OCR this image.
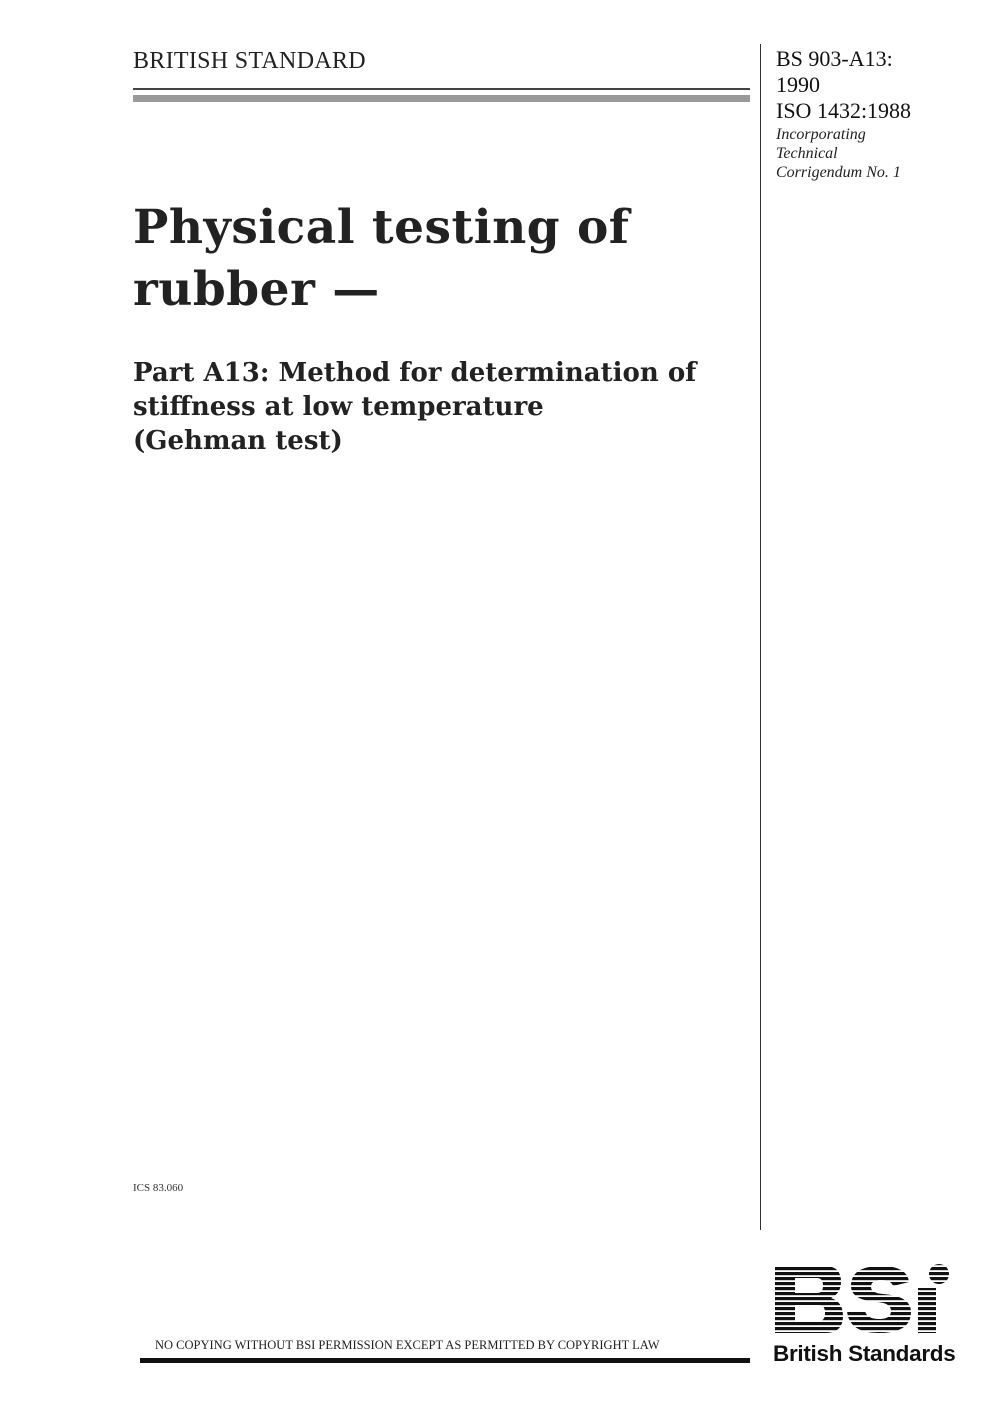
BRITISH STANDARD	BS 903-A13:
1990
ISO 1432:1988
Incorporating
Technical
Corrigendum No. 1
Physical testing of
rubber —
Part A13: Method for determination of
stiffness at low temperature
(Gehman test)
ICS 83.060
NO COPYING WITHOUT BSI PERMISSION EXCEPT AS PERMITTED BY COPYRIGHT LAW	British Standards
